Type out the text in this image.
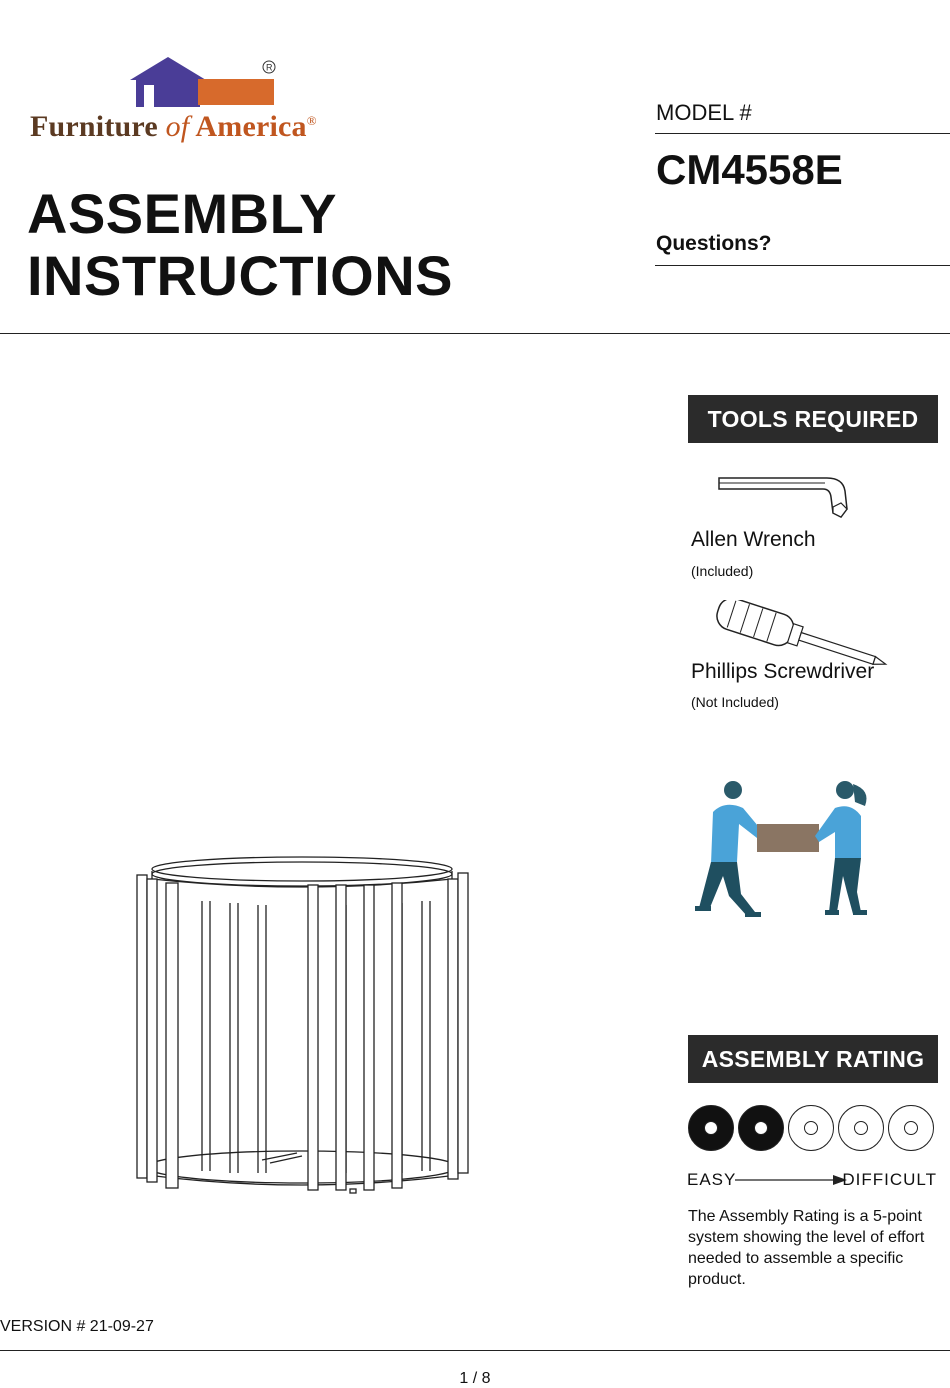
R
Furniture of America®
ASSEMBLY
INSTRUCTIONS
MODEL #
CM4558E
Questions?
TOOLS REQUIRED
Allen Wrench
(Included)
Phillips Screwdriver
(Not Included)
ASSEMBLY RATING
EASY	DIFFICULT
The Assembly Rating is a 5-point system showing the level of effort needed to assemble a specific product.
VERSION # 21-09-27
1 / 8
